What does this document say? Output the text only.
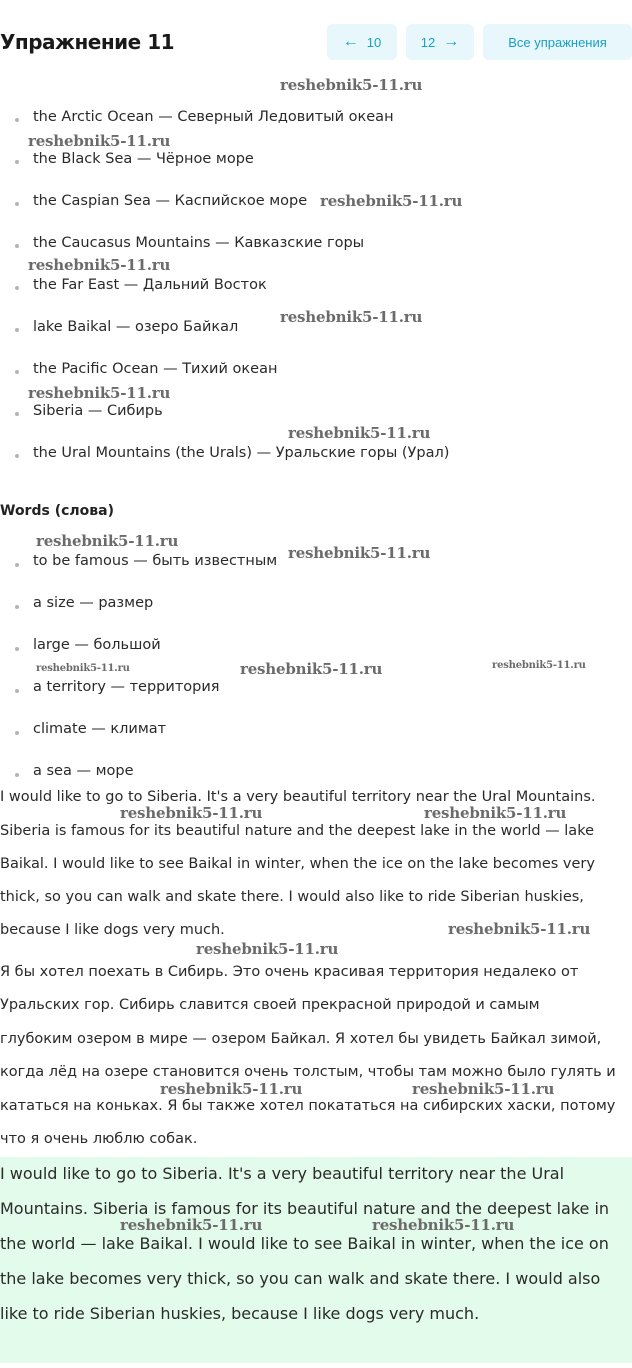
Упражнение 11	← 10	12 →	Все упражнения
the Arctic Ocean — Северный Ледовитый океан
the Black Sea — Чёрное море
the Caspian Sea — Каспийское море
the Caucasus Mountains — Кавказские горы
the Far East — Дальний Восток
lake Baikal — озеро Байкал
the Pacific Ocean — Тихий океан
Siberia — Сибирь
the Ural Mountains (the Urals) — Уральские горы (Урал)
Words (слова)
to be famous — быть известным
a size — размер
large — большой
a territory — территория
climate — климат
a sea — море
I would like to go to Siberia. It's a very beautiful territory near the Ural Mountains.
Siberia is famous for its beautiful nature and the deepest lake in the world — lake
Baikal. I would like to see Baikal in winter, when the ice on the lake becomes very
thick, so you can walk and skate there. I would also like to ride Siberian huskies,
because I like dogs very much.
Я бы хотел поехать в Сибирь. Это очень красивая территория недалеко от
Уральских гор. Сибирь славится своей прекрасной природой и самым
глубоким озером в мире — озером Байкал. Я хотел бы увидеть Байкал зимой,
когда лёд на озере становится очень толстым, чтобы там можно было гулять и
кататься на коньках. Я бы также хотел покататься на сибирских хаски, потому
что я очень люблю собак.
I would like to go to Siberia. It's a very beautiful territory near the Ural
Mountains. Siberia is famous for its beautiful nature and the deepest lake in
the world — lake Baikal. I would like to see Baikal in winter, when the ice on
the lake becomes very thick, so you can walk and skate there. I would also
like to ride Siberian huskies, because I like dogs very much.
reshebnik5-11.ru
reshebnik5-11.ru
reshebnik5-11.ru
reshebnik5-11.ru
reshebnik5-11.ru
reshebnik5-11.ru
reshebnik5-11.ru
reshebnik5-11.ru
reshebnik5-11.ru
reshebnik5-11.ru	reshebnik5-11.ru	reshebnik5-11.ru
reshebnik5-11.ru	reshebnik5-11.ru
reshebnik5-11.ru
reshebnik5-11.ru
reshebnik5-11.ru	reshebnik5-11.ru
reshebnik5-11.ru	reshebnik5-11.ru
